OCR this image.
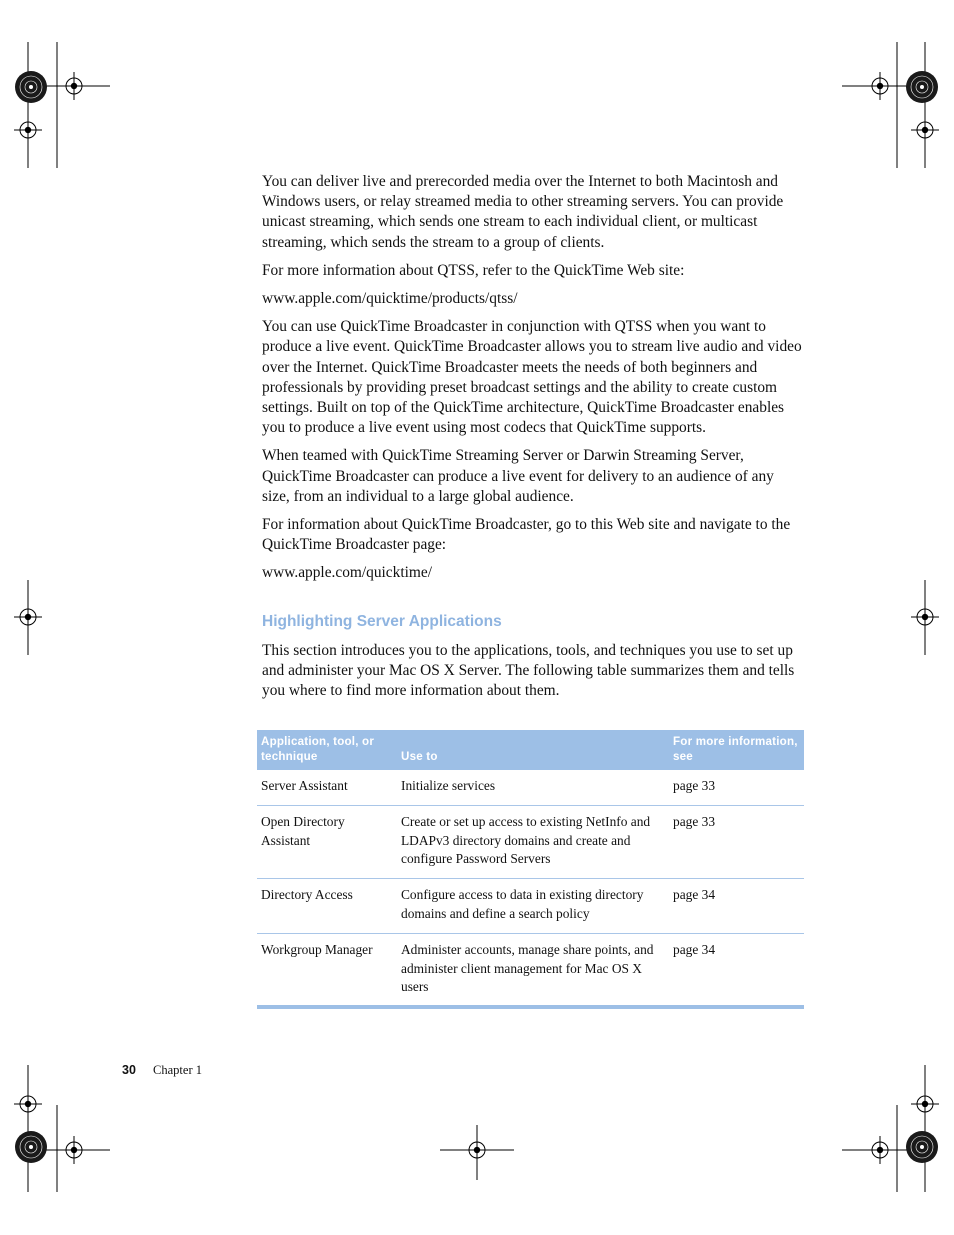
You can deliver live and prerecorded media over the Internet to both Macintosh and Windows users, or relay streamed media to other streaming servers. You can provide unicast streaming, which sends one stream to each individual client, or multicast streaming, which sends the stream to a group of clients.

For more information about QTSS, refer to the QuickTime Web site:

www.apple.com/quicktime/products/qtss/

You can use QuickTime Broadcaster in conjunction with QTSS when you want to produce a live event. QuickTime Broadcaster allows you to stream live audio and video over the Internet. QuickTime Broadcaster meets the needs of both beginners and professionals by providing preset broadcast settings and the ability to create custom settings. Built on top of the QuickTime architecture, QuickTime Broadcaster enables you to produce a live event using most codecs that QuickTime supports.

When teamed with QuickTime Streaming Server or Darwin Streaming Server, QuickTime Broadcaster can produce a live event for delivery to an audience of any size, from an individual to a large global audience.

For information about QuickTime Broadcaster, go to this Web site and navigate to the QuickTime Broadcaster page:

www.apple.com/quicktime/

Highlighting Server Applications

This section introduces you to the applications, tools, and techniques you use to set up and administer your Mac OS X Server. The following table summarizes them and tells you where to find more information about them.

Application, tool, or technique	Use to	For more information, see
Server Assistant	Initialize services	page 33
Open Directory Assistant	Create or set up access to existing NetInfo and LDAPv3 directory domains and create and configure Password Servers	page 33
Directory Access	Configure access to data in existing directory domains and define a search policy	page 34
Workgroup Manager	Administer accounts, manage share points, and administer client management for Mac OS X users	page 34
30 Chapter 1
